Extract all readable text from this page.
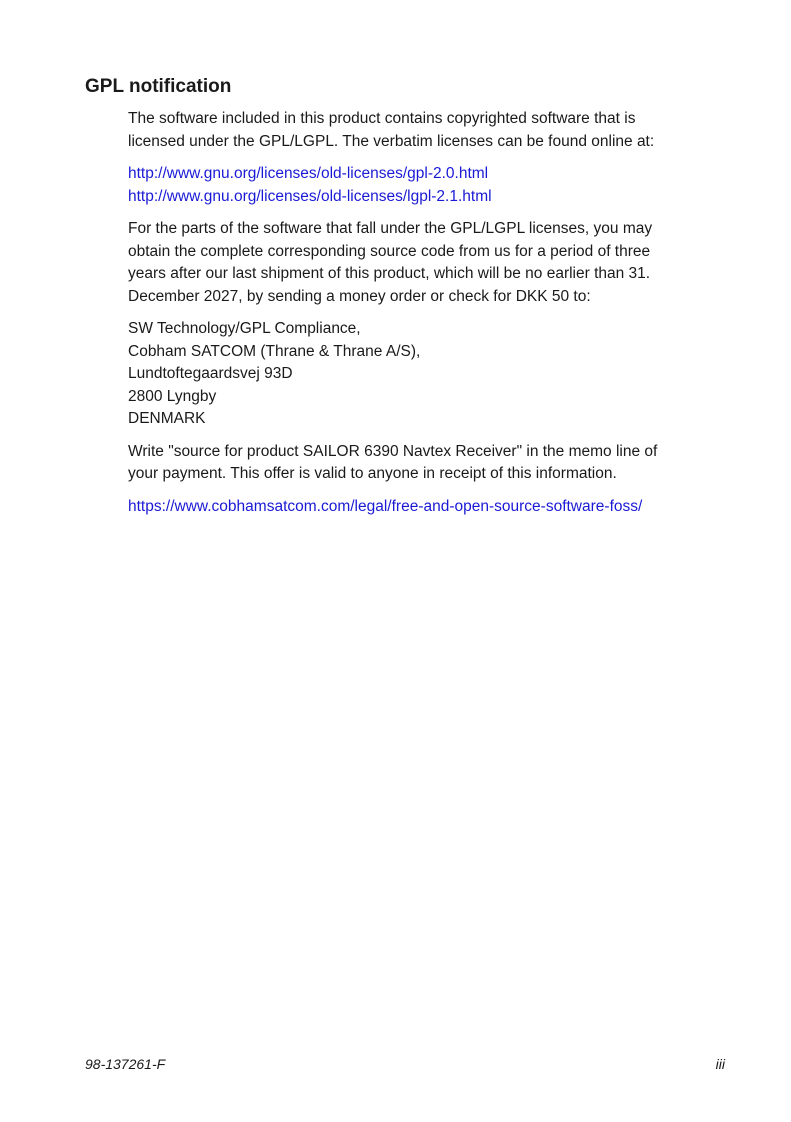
GPL notification

The software included in this product contains copyrighted software that is
licensed under the GPL/LGPL. The verbatim licenses can be found online at:

http://www.gnu.org/licenses/old-licenses/gpl-2.0.html
http://www.gnu.org/licenses/old-licenses/lgpl-2.1.html

For the parts of the software that fall under the GPL/LGPL licenses, you may
obtain the complete corresponding source code from us for a period of three
years after our last shipment of this product, which will be no earlier than 31.
December 2027, by sending a money order or check for DKK 50 to:

SW Technology/GPL Compliance,
Cobham SATCOM (Thrane & Thrane A/S),
Lundtoftegaardsvej 93D
2800 Lyngby
DENMARK

Write "source for product SAILOR 6390 Navtex Receiver" in the memo line of
your payment. This offer is valid to anyone in receipt of this information.

https://www.cobhamsatcom.com/legal/free-and-open-source-software-foss/

98-137261-F	iii
